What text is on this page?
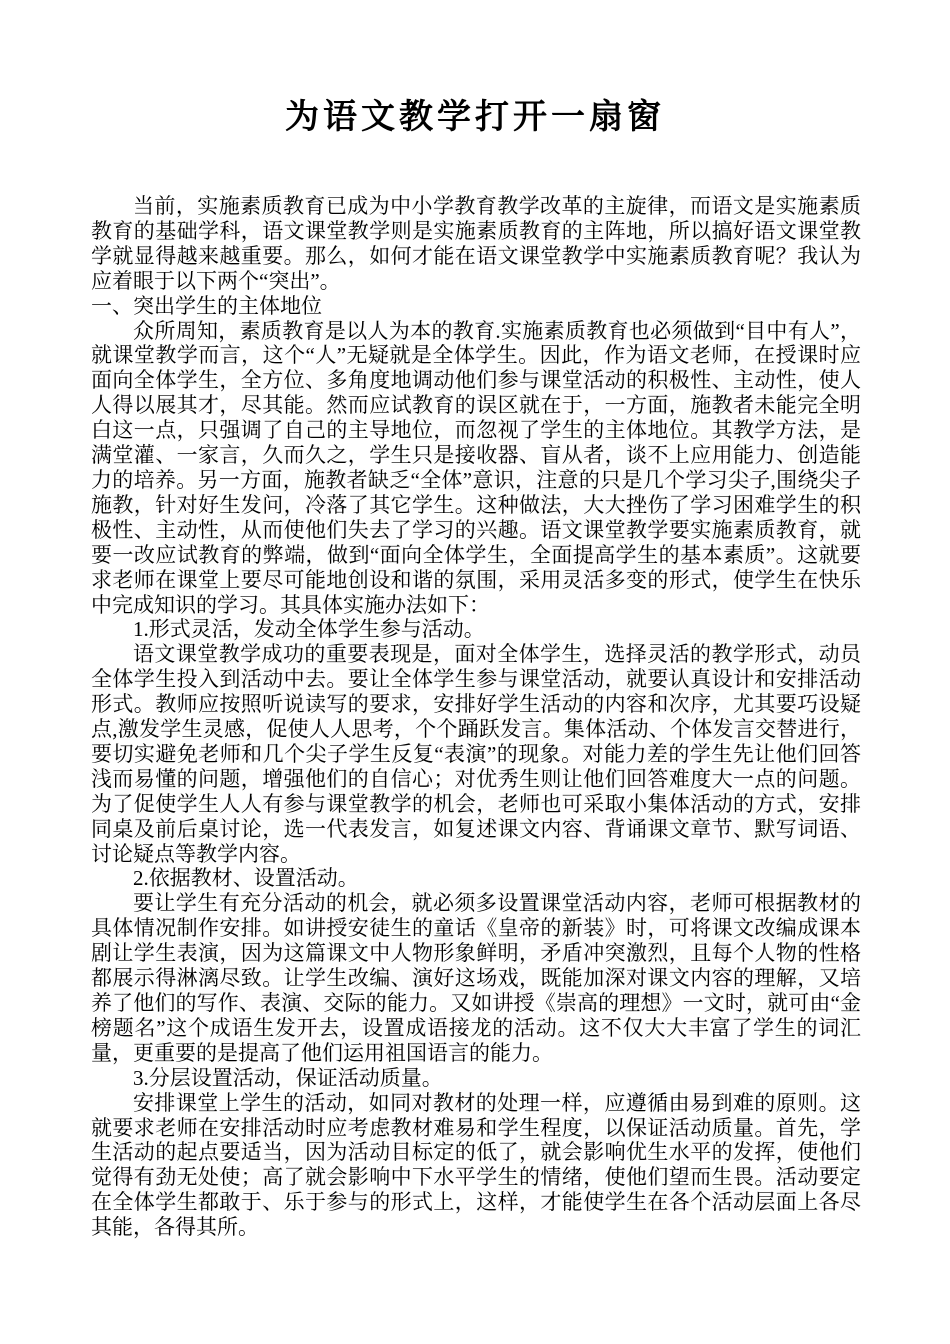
为语文教学打开一扇窗

当前，实施素质教育已成为中小学教育教学改革的主旋律，而语文是实施素质教育的基础学科，语文课堂教学则是实施素质教育的主阵地，所以搞好语文课堂教学就显得越来越重要。那么，如何才能在语文课堂教学中实施素质教育呢？我认为应着眼于以下两个“突出”。

一、突出学生的主体地位

众所周知，素质教育是以人为本的教育.实施素质教育也必须做到“目中有人”，就课堂教学而言，这个“人”无疑就是全体学生。因此，作为语文老师，在授课时应面向全体学生，全方位、多角度地调动他们参与课堂活动的积极性、主动性，使人人得以展其才，尽其能。然而应试教育的误区就在于，一方面，施教者未能完全明白这一点，只强调了自己的主导地位，而忽视了学生的主体地位。其教学方法，是满堂灌、一家言，久而久之，学生只是接收器、盲从者，谈不上应用能力、创造能力的培养。另一方面，施教者缺乏“全体”意识，注意的只是几个学习尖子,围绕尖子施教，针对好生发问，冷落了其它学生。这种做法，大大挫伤了学习困难学生的积极性、主动性，从而使他们失去了学习的兴趣。语文课堂教学要实施素质教育，就要一改应试教育的弊端，做到“面向全体学生，全面提高学生的基本素质”。这就要求老师在课堂上要尽可能地创设和谐的氛围，采用灵活多变的形式，使学生在快乐中完成知识的学习。其具体实施办法如下：

1.形式灵活，发动全体学生参与活动。

语文课堂教学成功的重要表现是，面对全体学生，选择灵活的教学形式，动员全体学生投入到活动中去。要让全体学生参与课堂活动，就要认真设计和安排活动形式。教师应按照听说读写的要求，安排好学生活动的内容和次序，尤其要巧设疑点,激发学生灵感，促使人人思考，个个踊跃发言。集体活动、个体发言交替进行，要切实避免老师和几个尖子学生反复“表演”的现象。对能力差的学生先让他们回答浅而易懂的问题，增强他们的自信心；对优秀生则让他们回答难度大一点的问题。为了促使学生人人有参与课堂教学的机会，老师也可采取小集体活动的方式，安排同桌及前后桌讨论，选一代表发言，如复述课文内容、背诵课文章节、默写词语、讨论疑点等教学内容。

2.依据教材、设置活动。

要让学生有充分活动的机会，就必须多设置课堂活动内容，老师可根据教材的具体情况制作安排。如讲授安徒生的童话《皇帝的新装》时，可将课文改编成课本剧让学生表演，因为这篇课文中人物形象鲜明，矛盾冲突激烈，且每个人物的性格都展示得淋漓尽致。让学生改编、演好这场戏，既能加深对课文内容的理解，又培养了他们的写作、表演、交际的能力。又如讲授《崇高的理想》一文时，就可由“金榜题名”这个成语生发开去，设置成语接龙的活动。这不仅大大丰富了学生的词汇量，更重要的是提高了他们运用祖国语言的能力。

3.分层设置活动，保证活动质量。

安排课堂上学生的活动，如同对教材的处理一样，应遵循由易到难的原则。这就要求老师在安排活动时应考虑教材难易和学生程度，以保证活动质量。首先，学生活动的起点要适当，因为活动目标定的低了，就会影响优生水平的发挥，使他们觉得有劲无处使；高了就会影响中下水平学生的情绪，使他们望而生畏。活动要定在全体学生都敢于、乐于参与的形式上，这样，才能使学生在各个活动层面上各尽其能，各得其所。
